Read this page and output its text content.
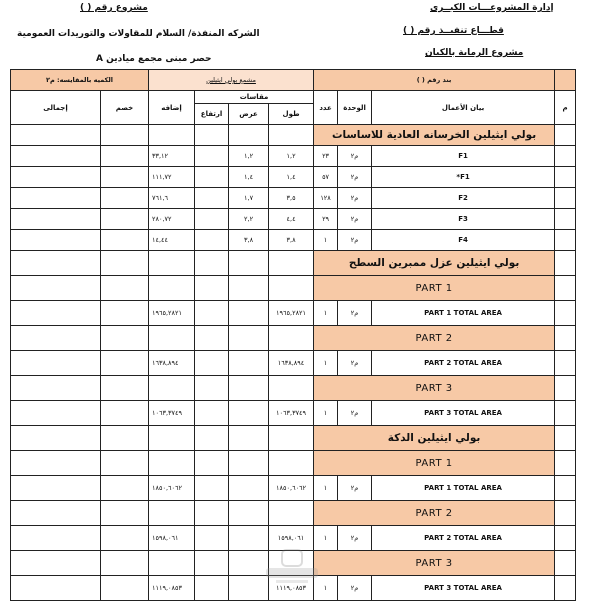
مشروع رقم ( )
الشركه المنفذة/ السلام للمقاولات والتوريدات العمومية
حصر مبنى مجمع ميادين A
إدارة المشروعـــات الكبــرى
قطـــاع تنفيــذ رقم ( )
مشروع الرماية بالكيان
	بند رقم ( )			مشمع بولي ايثيلين				الكميه بالمقايسه: م٢	
م	بيان الأعمال	الوحدة	عدد	مقاسات			إضافه	خصم	إجمالى
				طول	عرض	ارتفاع			
	بولي ايثيلين الخرسانه العادية للاساسات								
	F1	م٢	٢٣	١,٢	١,٢		٣٣,١٢		
	F1*	م٢	٥٧	١,٤	١,٤		١١١,٧٢		
	F2	م٢	١٢٨	٣,٥	١,٧		٧٦١,٦		
	F3	م٢	٢٩	٤,٤	٢,٢		٢٨٠,٧٢		
	F4	م٢	١	٣,٨	٣,٨		١٤,٤٤		
	بولي ايثيلين عزل ممبرين السطح								
	PART 1								
	PART 1 TOTAL AREA	م٢	١	١٩٦٥,٢٨٢١			١٩٦٥,٢٨٢١		
	PART 2								
	PART 2 TOTAL AREA	م٢	١	١٦٣٨,٨٩٤			١٦٣٨,٨٩٤		
	PART 3								
	PART 3 TOTAL AREA	م٢	١	١٠٦٣,٣٧٤٩			١٠٦٣,٣٧٤٩		
	بولي ايثيلين الدكة								
	PART 1								
	PART 1 TOTAL AREA	م٢	١	١٨٥٠,٦٠٦٢			١٨٥٠,٦٠٦٢		
	PART 2								
	PART 2 TOTAL AREA	م٢	١	١٥٩٨,٠٦١			١٥٩٨,٠٦١		
	PART 3								
	PART 3 TOTAL AREA	م٢	١	١١١٩,٠٨٥٣			١١١٩,٠٨٥٣		
